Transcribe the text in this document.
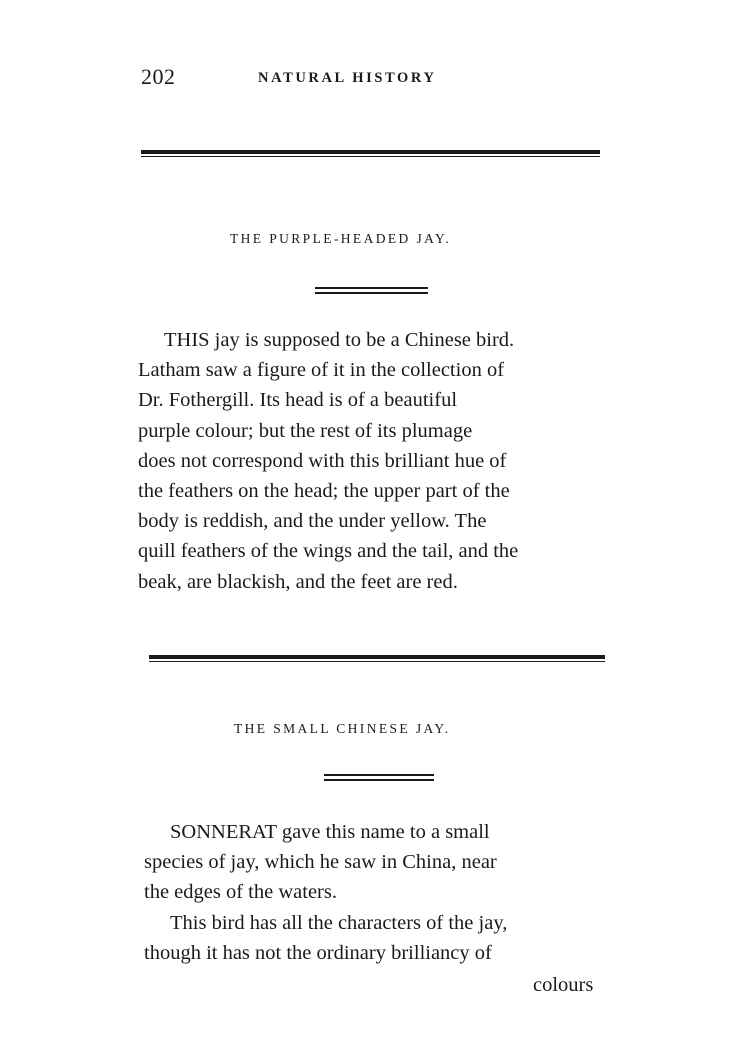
202	NATURAL HISTORY
THE PURPLE-HEADED JAY.
THIS jay is supposed to be a Chinese bird.
Latham saw a figure of it in the collection of
Dr. Fothergill. Its head is of a beautiful
purple colour; but the rest of its plumage
does not correspond with this brilliant hue of
the feathers on the head; the upper part of the
body is reddish, and the under yellow. The
quill feathers of the wings and the tail, and the
beak, are blackish, and the feet are red.
THE SMALL CHINESE JAY.
SONNERAT gave this name to a small
species of jay, which he saw in China, near
the edges of the waters.
This bird has all the characters of the jay,
though it has not the ordinary brilliancy of
colours
